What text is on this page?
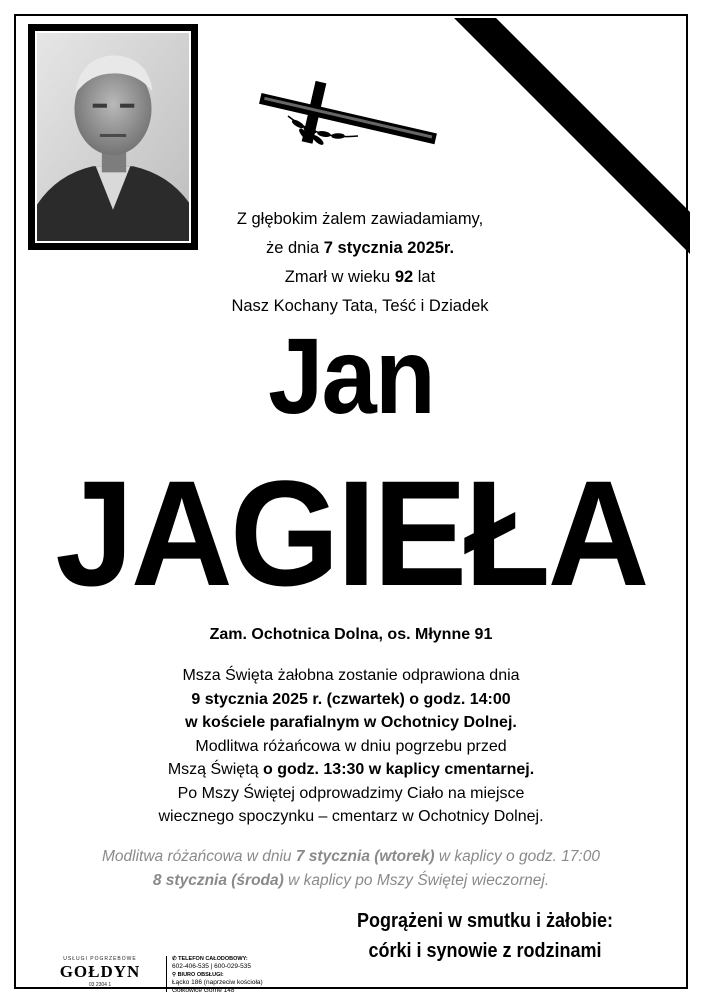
Z głębokim żalem zawiadamiamy,
że dnia 7 stycznia 2025r.
Zmarł w wieku 92 lat
Nasz Kochany Tata, Teść i Dziadek
Jan
JAGIEŁA
Zam. Ochotnica Dolna, os. Młynne 91
Msza Święta żałobna zostanie odprawiona dnia
9 stycznia 2025 r. (czwartek) o godz. 14:00
w kościele parafialnym w Ochotnicy Dolnej.
Modlitwa różańcowa w dniu pogrzebu przed
Mszą Świętą o godz. 13:30 w kaplicy cmentarnej.
Po Mszy Świętej odprowadzimy Ciało na miejsce
wiecznego spoczynku – cmentarz w Ochotnicy Dolnej.
Modlitwa różańcowa w dniu 7 stycznia (wtorek) w kaplicy o godz. 17:00
8 stycznia (środa) w kaplicy po Mszy Świętej wieczornej.
Pogrążeni w smutku i żałobie:
córki i synowie z rodzinami
USŁUGI POGRZEBOWE
GOŁDYN
03 2304 1
✆ TELEFON CAŁODOBOWY:
602-406-535 | 600-029-535
⚲ BIURO OBSŁUGI:
Łącko 186 (naprzeciw kościoła)
Gołkowice Górne 148
